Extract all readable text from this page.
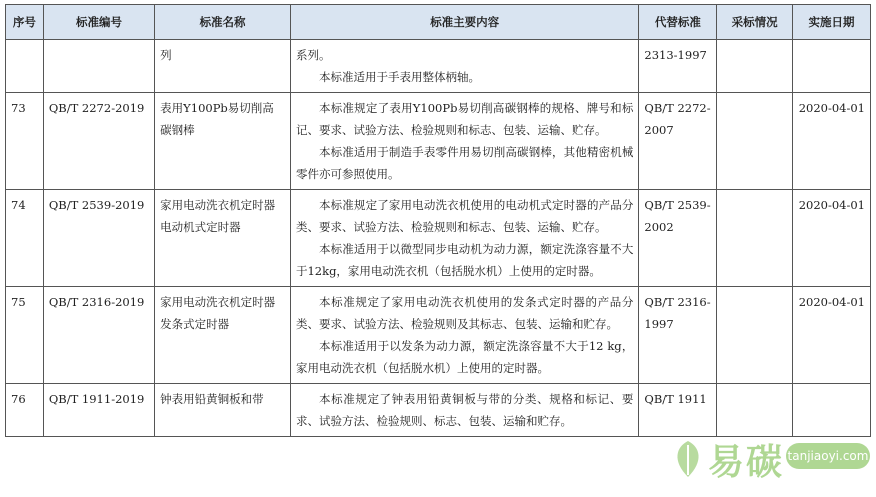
序号	标准编号	标准名称	标准主要内容	代替标准	采标情况	实施日期
		列	系列。

本标准适用于手表用整体柄轴。	2313-1997		
73	QB/T 2272-2019	表用Y100Pb易切削高碳钢棒	本标准规定了表用Y100Pb易切削高碳钢棒的规格、牌号和标记、要求、试验方法、检验规则和标志、包装、运输、贮存。

本标准适用于制造手表零件用易切削高碳钢棒，其他精密机械零件亦可参照使用。	QB/T 2272-2007		2020-04-01
74	QB/T 2539-2019	家用电动洗衣机定时器 电动机式定时器	本标准规定了家用电动洗衣机使用的电动机式定时器的产品分类、要求、试验方法、检验规则和标志、包装、运输、贮存。

本标准适用于以微型同步电动机为动力源，额定洗涤容量不大于12kg，家用电动洗衣机（包括脱水机）上使用的定时器。	QB/T 2539-2002		2020-04-01
75	QB/T 2316-2019	家用电动洗衣机定时器 发条式定时器	本标准规定了家用电动洗衣机使用的发条式定时器的产品分类、要求、试验方法、检验规则及其标志、包装、运输和贮存。

本标准适用于以发条为动力源，额定洗涤容量不大于12 kg，家用电动洗衣机（包括脱水机）上使用的定时器。	QB/T 2316-1997		2020-04-01
76	QB/T 1911-2019	钟表用铅黄铜板和带	本标准规定了钟表用铅黄铜板与带的分类、规格和标记、要求、试验方法、检验规则、标志、包装、运输和贮存。	QB/T 1911		
易碳 tanjiaoyi.com
